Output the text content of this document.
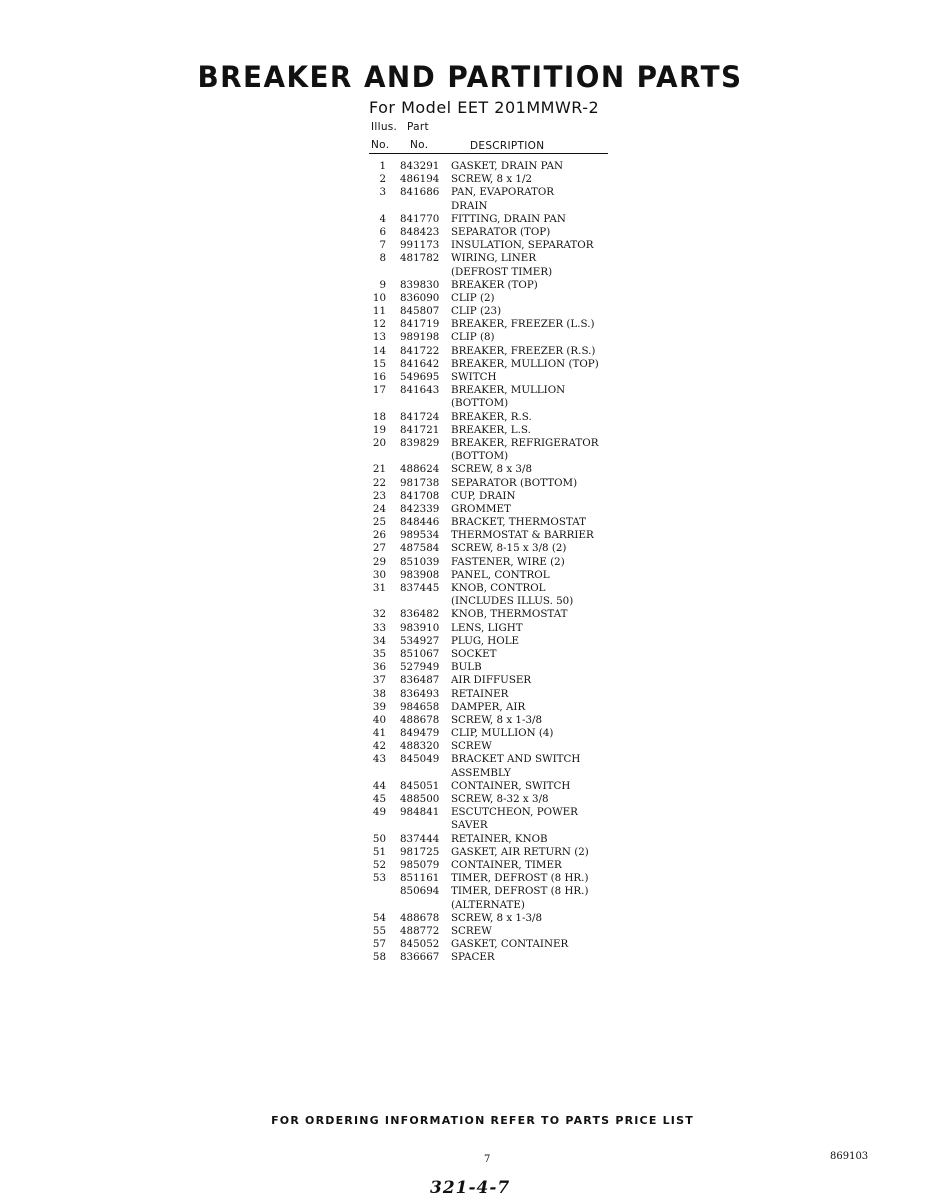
BREAKER AND PARTITION PARTS
For Model EET 201MMWR-2
Illus. Part
No. No.	DESCRIPTION
1 843291 GASKET, DRAIN PAN
2 486194 SCREW, 8 x 1/2
3 841686 PAN, EVAPORATOR
DRAIN
4 841770 FITTING, DRAIN PAN
6 848423 SEPARATOR (TOP)
7 991173 INSULATION, SEPARATOR
8 481782 WIRING, LINER
(DEFROST TIMER)
9 839830 BREAKER (TOP)
10 836090 CLIP (2)
11 845807 CLIP (23)
12 841719 BREAKER, FREEZER (L.S.)
13 989198 CLIP (8)
14 841722 BREAKER, FREEZER (R.S.)
15 841642 BREAKER, MULLION (TOP)
16 549695 SWITCH
17 841643 BREAKER, MULLION
(BOTTOM)
18 841724 BREAKER, R.S.
19 841721 BREAKER, L.S.
20 839829 BREAKER, REFRIGERATOR
(BOTTOM)
21 488624 SCREW, 8 x 3/8
22 981738 SEPARATOR (BOTTOM)
23 841708 CUP, DRAIN
24 842339 GROMMET
25 848446 BRACKET, THERMOSTAT
26 989534 THERMOSTAT & BARRIER
27 487584 SCREW, 8-15 x 3/8 (2)
29 851039 FASTENER, WIRE (2)
30 983908 PANEL, CONTROL
31 837445 KNOB, CONTROL
(INCLUDES ILLUS. 50)
32 836482 KNOB, THERMOSTAT
33 983910 LENS, LIGHT
34 534927 PLUG, HOLE
35 851067 SOCKET
36 527949 BULB
37 836487 AIR DIFFUSER
38 836493 RETAINER
39 984658 DAMPER, AIR
40 488678 SCREW, 8 x 1-3/8
41 849479 CLIP, MULLION (4)
42 488320 SCREW
43 845049 BRACKET AND SWITCH
ASSEMBLY
44 845051 CONTAINER, SWITCH
45 488500 SCREW, 8-32 x 3/8
49 984841 ESCUTCHEON, POWER
SAVER
50 837444 RETAINER, KNOB
51 981725 GASKET, AIR RETURN (2)
52 985079 CONTAINER, TIMER
53 851161 TIMER, DEFROST (8 HR.)
850694 TIMER, DEFROST (8 HR.)
(ALTERNATE)
54 488678 SCREW, 8 x 1-3/8
55 488772 SCREW
57 845052 GASKET, CONTAINER
58 836667 SPACER
FOR ORDERING INFORMATION REFER TO PARTS PRICE LIST
7	869103
321-4-7
